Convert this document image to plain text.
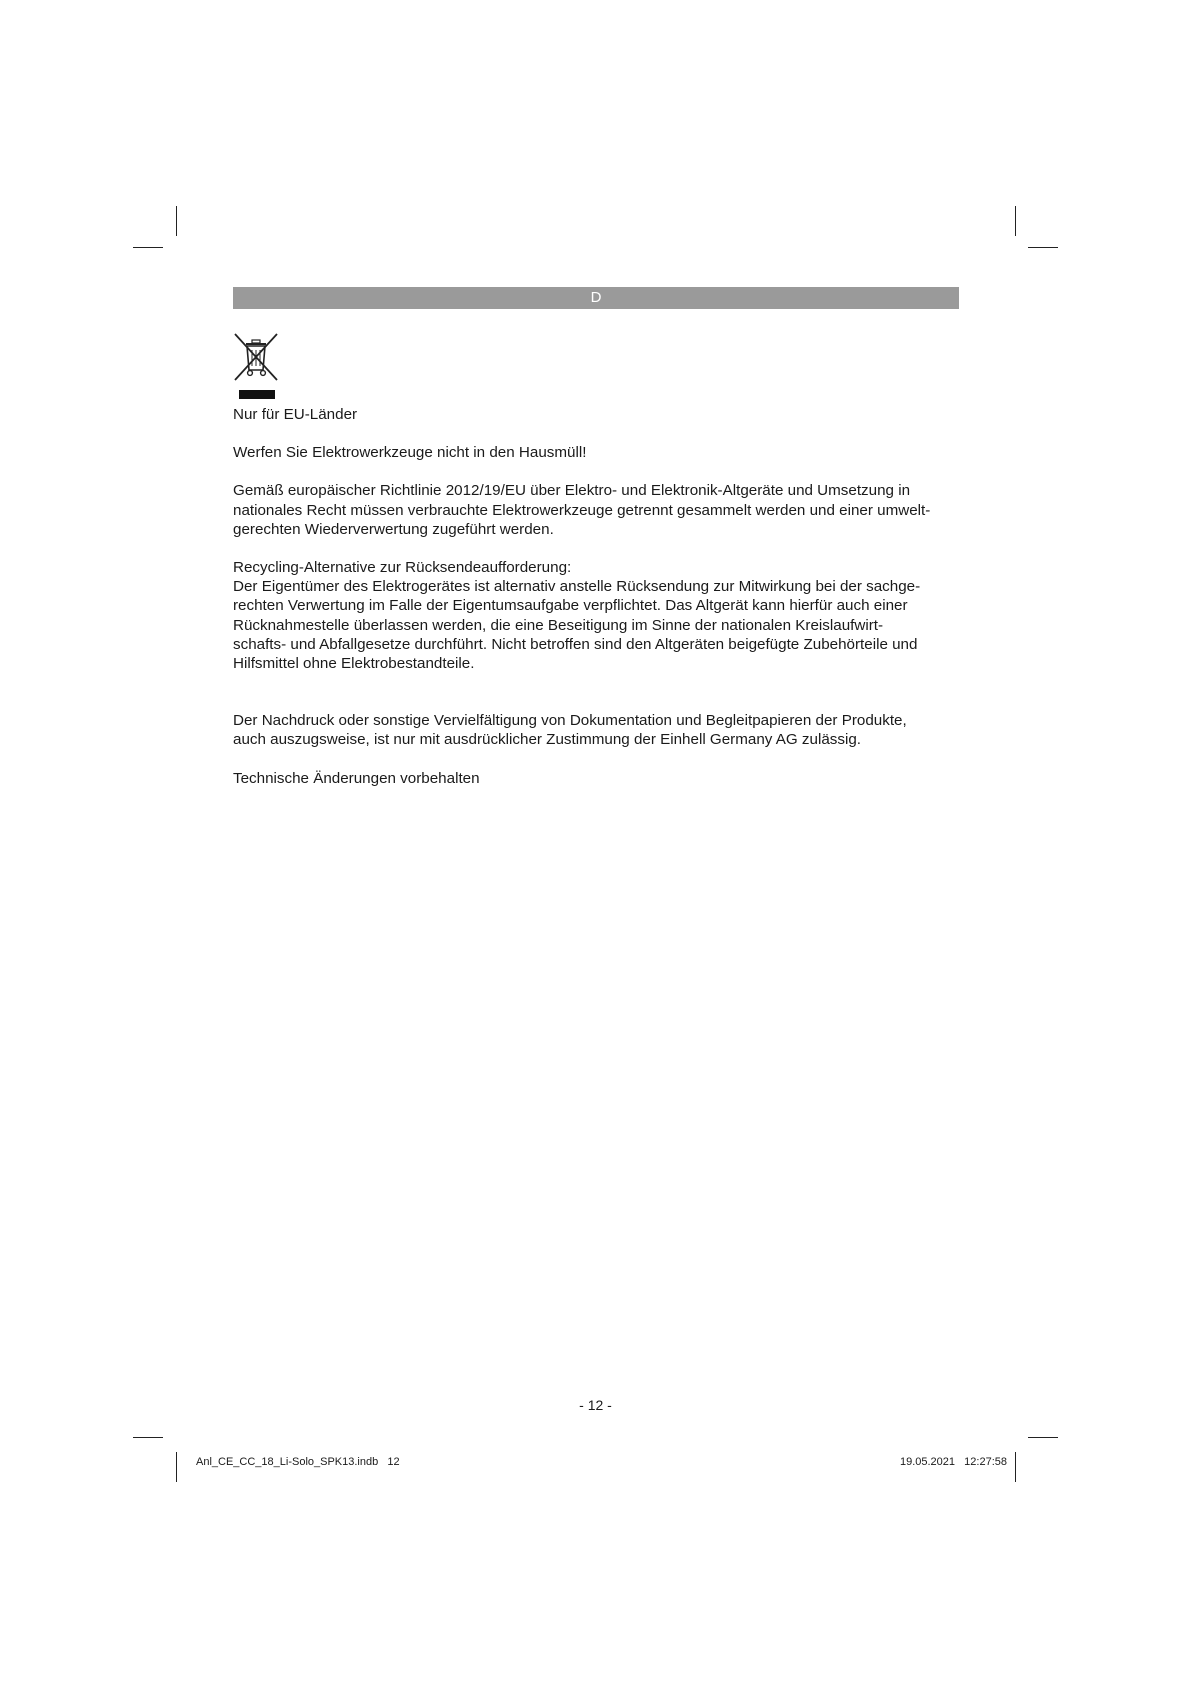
D

Nur für EU-Länder

Werfen Sie Elektrowerkzeuge nicht in den Hausmüll!

Gemäß europäischer Richtlinie 2012/19/EU über Elektro- und Elektronik-Altgeräte und Umsetzung in
nationales Recht müssen verbrauchte Elektrowerkzeuge getrennt gesammelt werden und einer umwelt-
gerechten Wiederverwertung zugeführt werden.

Recycling-Alternative zur Rücksendeaufforderung:
Der Eigentümer des Elektrogerätes ist alternativ anstelle Rücksendung zur Mitwirkung bei der sachge-
rechten Verwertung im Falle der Eigentumsaufgabe verpflichtet. Das Altgerät kann hierfür auch einer
Rücknahmestelle überlassen werden, die eine Beseitigung im Sinne der nationalen Kreislaufwirt-
schafts- und Abfallgesetze durchführt. Nicht betroffen sind den Altgeräten beigefügte Zubehörteile und
Hilfsmittel ohne Elektrobestandteile.

Der Nachdruck oder sonstige Vervielfältigung von Dokumentation und Begleitpapieren der Produkte,
auch auszugsweise, ist nur mit ausdrücklicher Zustimmung der Einhell Germany AG zulässig.

Technische Änderungen vorbehalten

- 12 -
Anl_CE_CC_18_Li-Solo_SPK13.indb   12	19.05.2021   12:27:58
